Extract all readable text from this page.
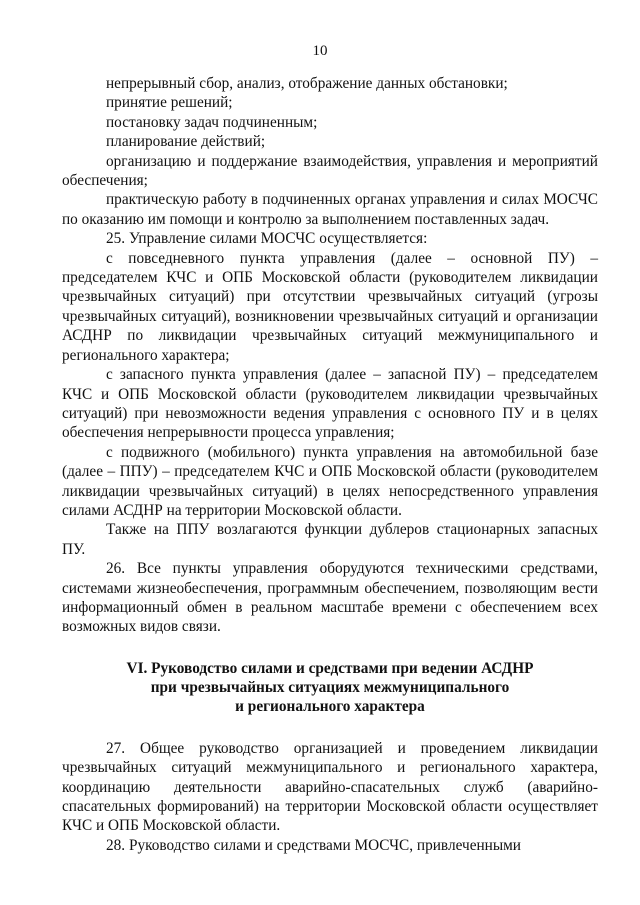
10

непрерывный сбор, анализ, отображение данных обстановки;

принятие решений;

постановку задач подчиненным;

планирование действий;

организацию и поддержание взаимодействия, управления и мероприятий обеспечения;

практическую работу в подчиненных органах управления и силах МОСЧС по оказанию им помощи и контролю за выполнением поставленных задач.

25. Управление силами МОСЧС осуществляется:

с повседневного пункта управления (далее – основной ПУ) – председателем КЧС и ОПБ Московской области (руководителем ликвидации чрезвычайных ситуаций) при отсутствии чрезвычайных ситуаций (угрозы чрезвычайных ситуаций), возникновении чрезвычайных ситуаций и организации АСДНР по ликвидации чрезвычайных ситуаций межмуниципального и регионального характера;

с запасного пункта управления (далее – запасной ПУ) – председателем КЧС и ОПБ Московской области (руководителем ликвидации чрезвычайных ситуаций) при невозможности ведения управления с основного ПУ и в целях обеспечения непрерывности процесса управления;

с подвижного (мобильного) пункта управления на автомобильной базе (далее – ППУ) – председателем КЧС и ОПБ Московской области (руководителем ликвидации чрезвычайных ситуаций) в целях непосредственного управления силами АСДНР на территории Московской области.

Также на ППУ возлагаются функции дублеров стационарных запасных ПУ.

26. Все пункты управления оборудуются техническими средствами, системами жизнеобеспечения, программным обеспечением, позволяющим вести информационный обмен в реальном масштабе времени с обеспечением всех возможных видов связи.

VI. Руководство силами и средствами при ведении АСДНР
при чрезвычайных ситуациях межмуниципального
и регионального характера

27. Общее руководство организацией и проведением ликвидации чрезвычайных ситуаций межмуниципального и регионального характера, координацию деятельности аварийно-спасательных служб (аварийно-спасательных формирований) на территории Московской области осуществляет КЧС и ОПБ Московской области.

28. Руководство силами и средствами МОСЧС, привлеченными
